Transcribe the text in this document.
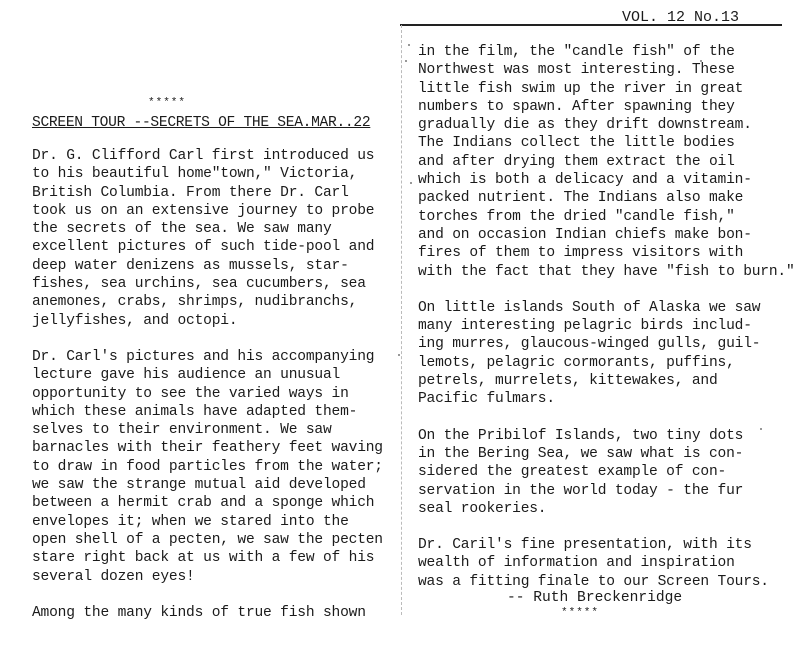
VOL. 12 No.13
*****
SCREEN TOUR --SECRETS OF THE SEA.MAR..22
Dr. G. Clifford Carl first introduced us
to his beautiful home"town," Victoria,
British Columbia. From there Dr. Carl
took us on an extensive journey to probe
the secrets of the sea. We saw many
excellent pictures of such tide-pool and
deep water denizens as mussels, star-
fishes, sea urchins, sea cucumbers, sea
anemones, crabs, shrimps, nudibranchs,
jellyfishes, and octopi.
Dr. Carl's pictures and his accompanying
lecture gave his audience an unusual
opportunity to see the varied ways in
which these animals have adapted them-
selves to their environment. We saw
barnacles with their feathery feet waving
to draw in food particles from the water;
we saw the strange mutual aid developed
between a hermit crab and a sponge which
envelopes it; when we stared into the
open shell of a pecten, we saw the pecten
stare right back at us with a few of his
several dozen eyes!
Among the many kinds of true fish shown
in the film, the "candle fish" of the
Northwest was most interesting. These
little fish swim up the river in great
numbers to spawn. After spawning they
gradually die as they drift downstream.
The Indians collect the little bodies
and after drying them extract the oil
which is both a delicacy and a vitamin-
packed nutrient. The Indians also make
torches from the dried "candle fish,"
and on occasion Indian chiefs make bon-
fires of them to impress visitors with
with the fact that they have "fish to burn."
On little islands South of Alaska we saw
many interesting pelagric birds includ-
ing murres, glaucous-winged gulls, guil-
lemots, pelagric cormorants, puffins,
petrels, murrelets, kittewakes, and
Pacific fulmars.
On the Pribilof Islands, two tiny dots
in the Bering Sea, we saw what is con-
sidered the greatest example of con-
servation in the world today - the fur
seal rookeries.
Dr. Caril's fine presentation, with its
wealth of information and inspiration
was a fitting finale to our Screen Tours.
-- Ruth Breckenridge
*****
